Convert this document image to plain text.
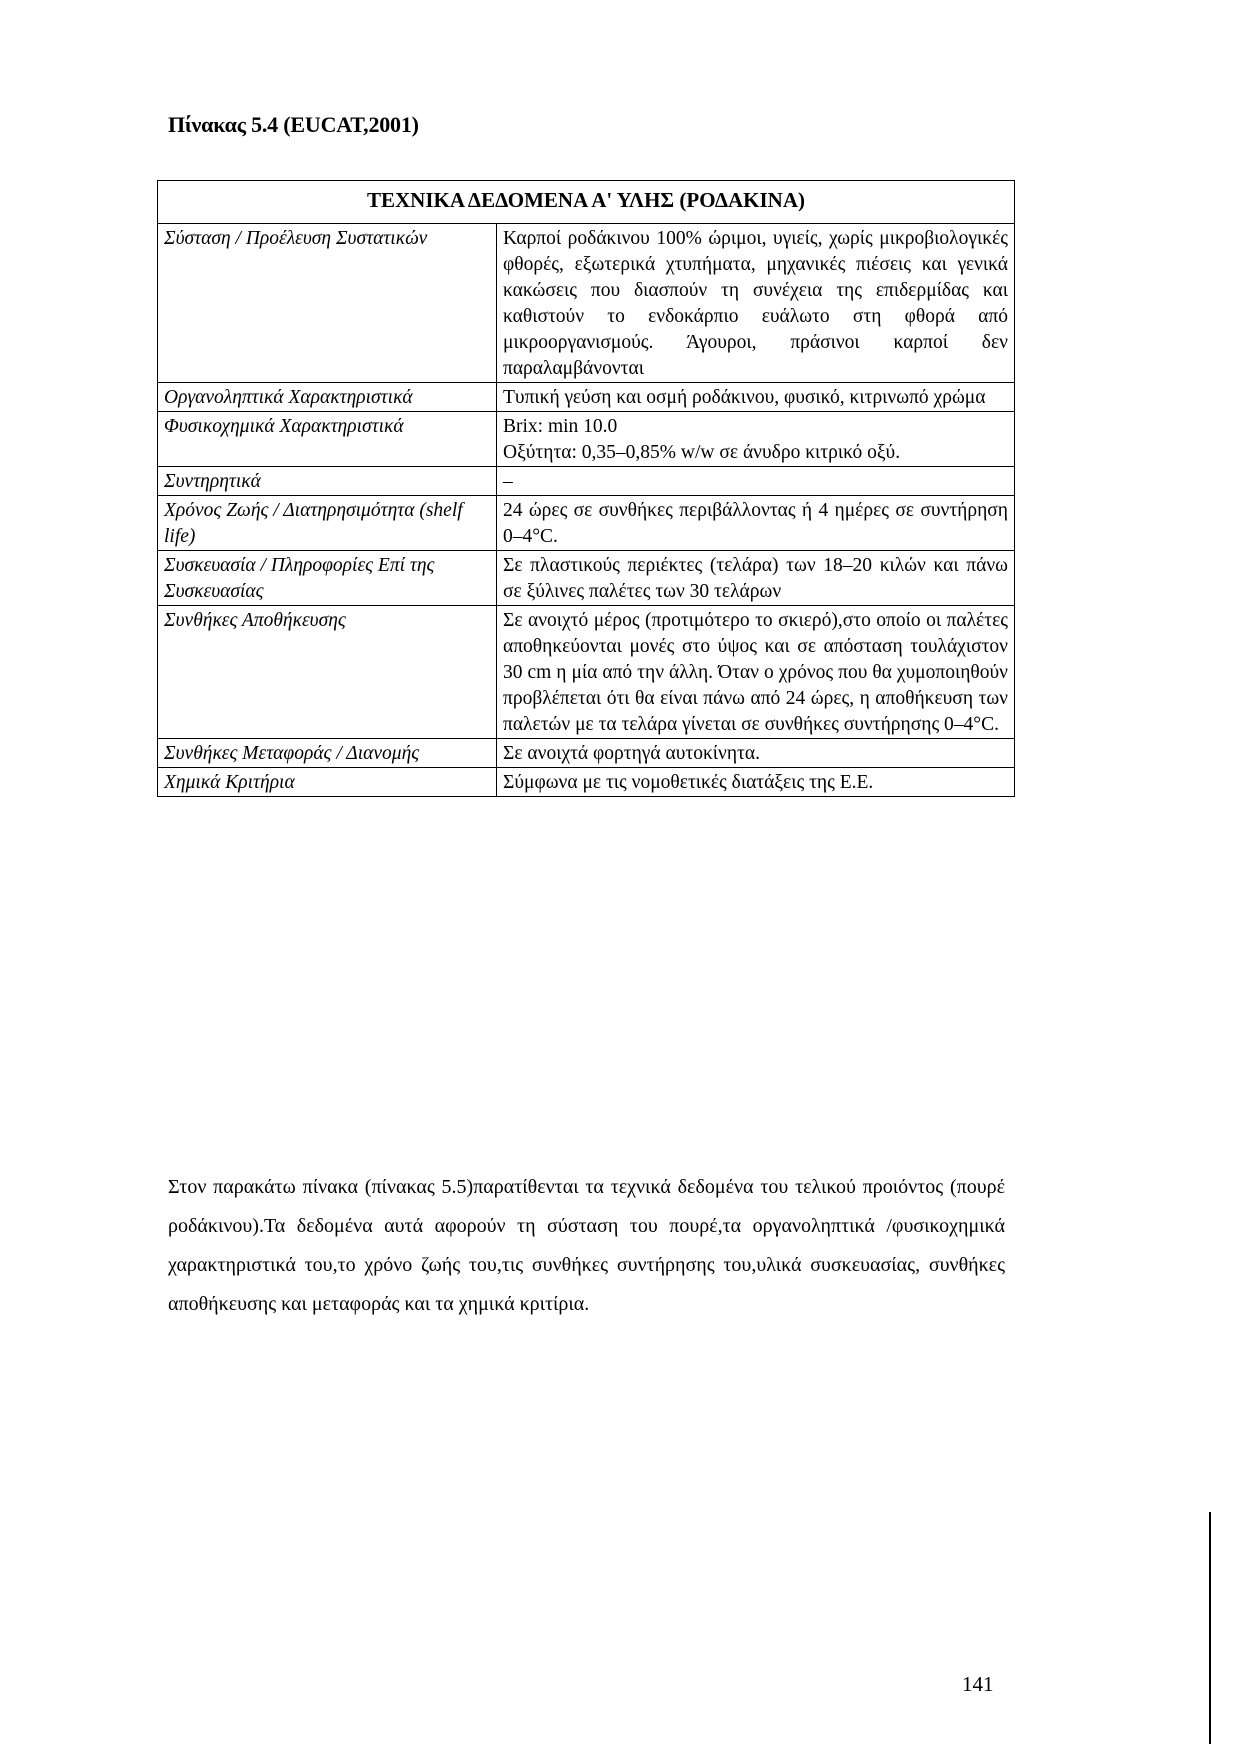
Πίνακας 5.4 (EUCAT,2001)
ΤΕΧΝΙΚΑ ΔΕΔΟΜΕΝΑ Α' ΥΛΗΣ (ΡΟΔΑΚΙΝΑ)	
Σύσταση / Προέλευση Συστατικών	Καρποί ροδάκινου 100% ώριμοι, υγιείς, χωρίς μικροβιολογικές φθορές, εξωτερικά χτυπήματα, μηχανικές πιέσεις και γενικά κακώσεις που διασπούν τη συνέχεια της επιδερμίδας και καθιστούν το ενδοκάρπιο ευάλωτο στη φθορά από μικροοργανισμούς. Άγουροι, πράσινοι καρποί δεν παραλαμβάνονται
Οργανοληπτικά Χαρακτηριστικά	Τυπική γεύση και οσμή ροδάκινου, φυσικό, κιτρινωπό χρώμα
Φυσικοχημικά Χαρακτηριστικά	Brix: min 10.0
Οξύτητα: 0,35–0,85% w/w σε άνυδρο κιτρικό οξύ.

Συντηρητικά	–
Χρόνος Ζωής / Διατηρησιμότητα (shelf life)	24 ώρες σε συνθήκες περιβάλλοντας ή 4 ημέρες σε συντήρηση 0–4°C.
Συσκευασία / Πληροφορίες Επί της Συσκευασίας	Σε πλαστικούς περιέκτες (τελάρα) των 18–20 κιλών και πάνω σε ξύλινες παλέτες των 30 τελάρων
Συνθήκες Αποθήκευσης	Σε ανοιχτό μέρος (προτιμότερο το σκιερό),στο οποίο οι παλέτες αποθηκεύονται μονές στο ύψος και σε απόσταση τουλάχιστον 30 cm η μία από την άλλη. Όταν ο χρόνος που θα χυμοποιηθούν προβλέπεται ότι θα είναι πάνω από 24 ώρες, η αποθήκευση των παλετών με τα τελάρα γίνεται σε συνθήκες συντήρησης 0–4°C.
Συνθήκες Μεταφοράς / Διανομής	Σε ανοιχτά φορτηγά αυτοκίνητα.
Χημικά Κριτήρια	Σύμφωνα με τις νομοθετικές διατάξεις της Ε.Ε.
Στον παρακάτω πίνακα (πίνακας 5.5)παρατίθενται τα τεχνικά δεδομένα του τελικού προιόντος (πουρέ ροδάκινου).Τα δεδομένα αυτά αφορούν τη σύσταση του πουρέ,τα οργανοληπτικά /φυσικοχημικά χαρακτηριστικά του,το χρόνο ζωής του,τις συνθήκες συντήρησης του,υλικά συσκευασίας, συνθήκες αποθήκευσης και μεταφοράς και τα χημικά κριτίρια.
141
